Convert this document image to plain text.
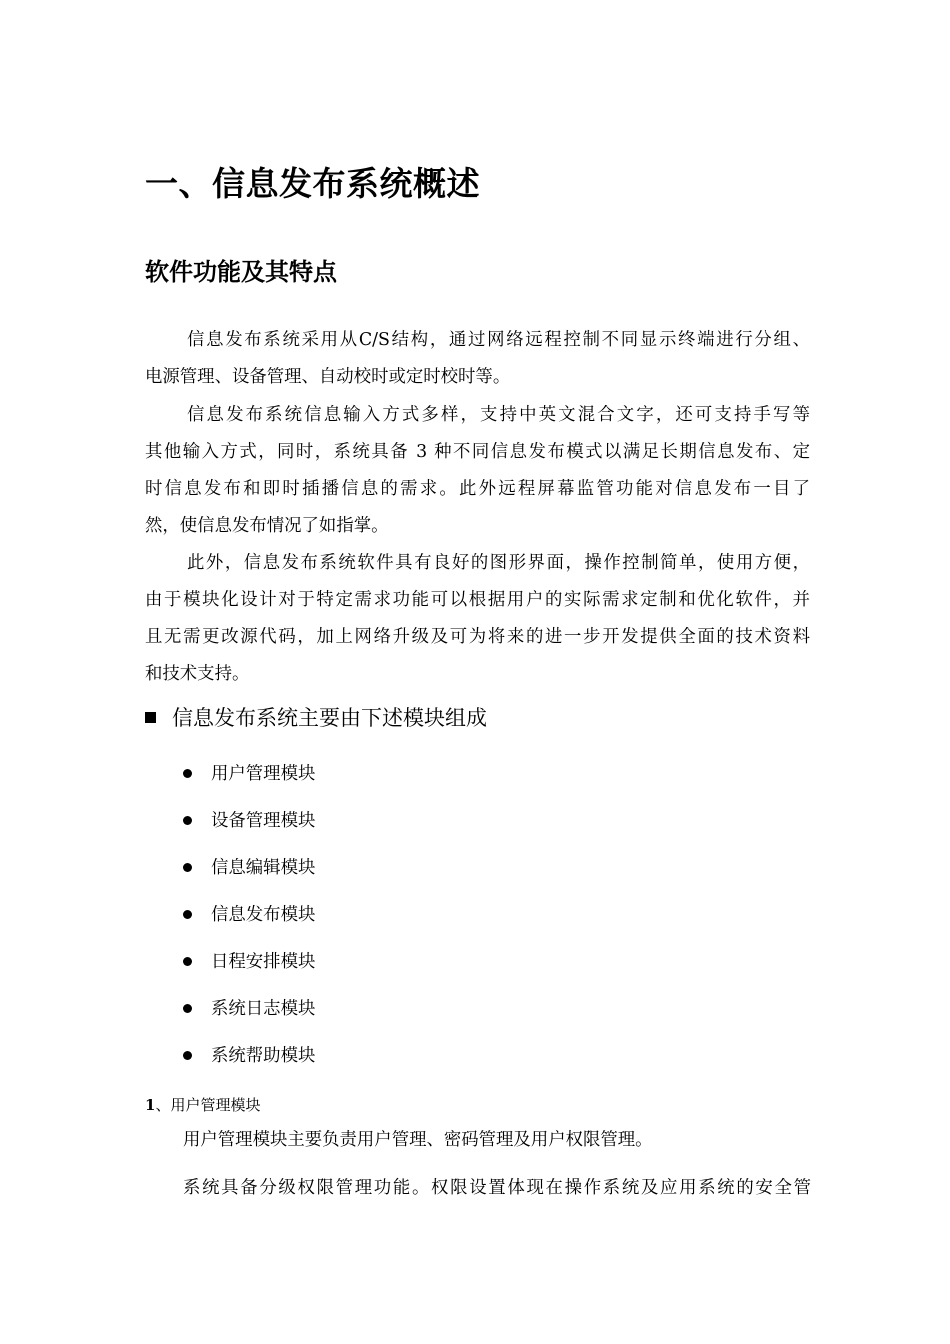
一、信息发布系统概述
软件功能及其特点
信息发布系统采用从C/S结构，通过网络远程控制不同显示终端进行分组、
电源管理、设备管理、自动校时或定时校时等。
信息发布系统信息输入方式多样，支持中英文混合文字，还可支持手写等
其他输入方式，同时，系统具备 3 种不同信息发布模式以满足长期信息发布、定
时信息发布和即时插播信息的需求。此外远程屏幕监管功能对信息发布一目了
然，使信息发布情况了如指掌。
此外，信息发布系统软件具有良好的图形界面，操作控制简单，使用方便，
由于模块化设计对于特定需求功能可以根据用户的实际需求定制和优化软件，并
且无需更改源代码，加上网络升级及可为将来的进一步开发提供全面的技术资料
和技术支持。
信息发布系统主要由下述模块组成
用户管理模块
设备管理模块
信息编辑模块
信息发布模块
日程安排模块
系统日志模块
系统帮助模块
1、用户管理模块

用户管理模块主要负责用户管理、密码管理及用户权限管理。

系统具备分级权限管理功能。权限设置体现在操作系统及应用系统的安全管
